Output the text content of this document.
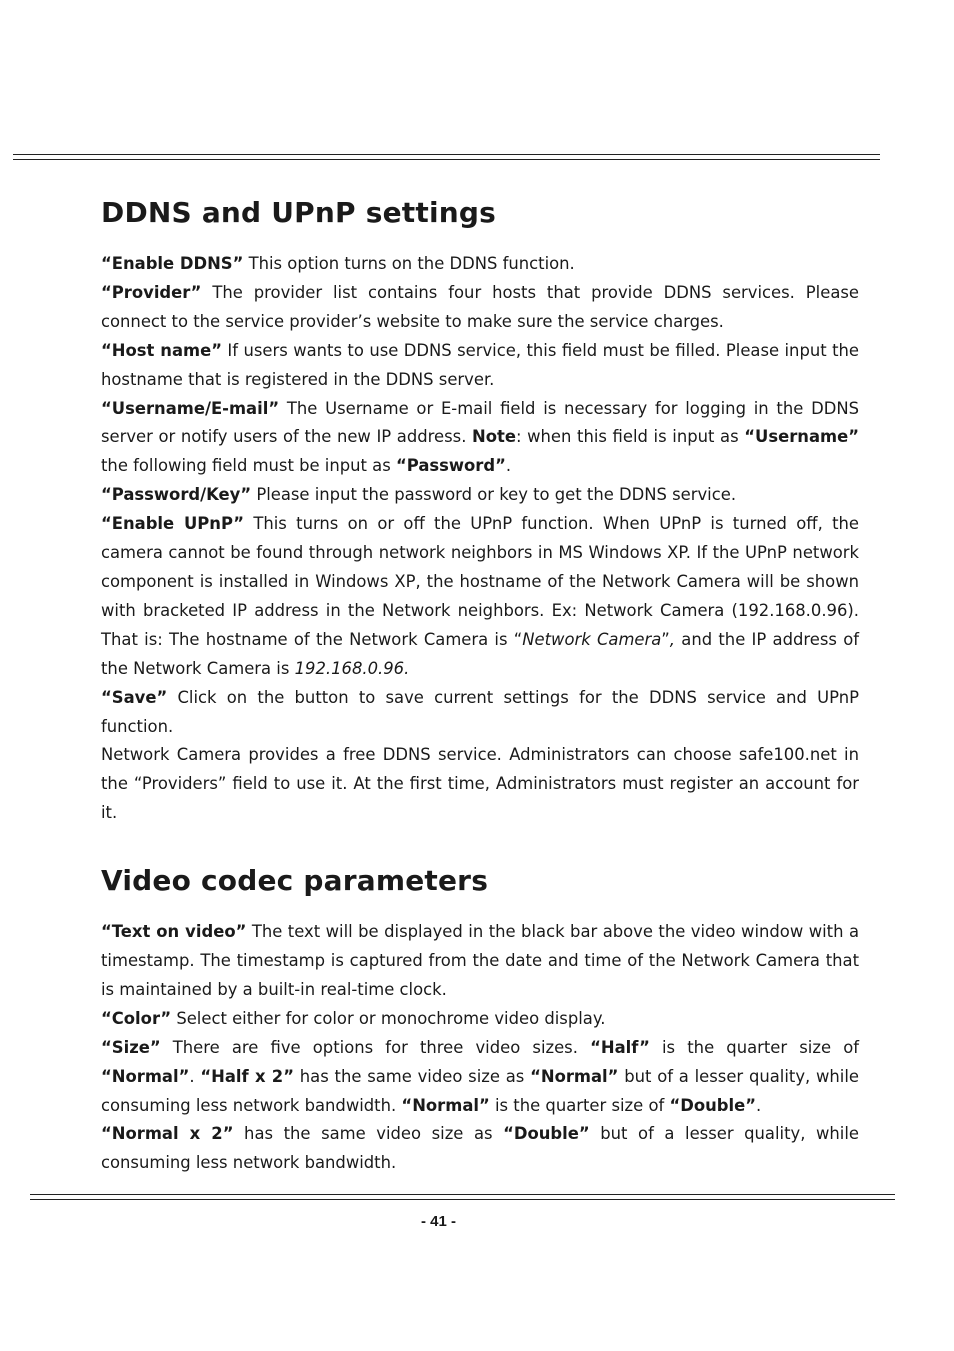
DDNS and UPnP settings

“Enable DDNS” This option turns on the DDNS function.

“Provider” The provider list contains four hosts that provide DDNS services. Please connect to the service provider’s website to make sure the service charges.

“Host name” If users wants to use DDNS service, this field must be filled. Please input the hostname that is registered in the DDNS server.

“Username/E-mail” The Username or E-mail field is necessary for logging in the DDNS server or notify users of the new IP address. Note: when this field is input as “Username” the following field must be input as “Password”.

“Password/Key” Please input the password or key to get the DDNS service.

“Enable UPnP” This turns on or off the UPnP function. When UPnP is turned off, the camera cannot be found through network neighbors in MS Windows XP. If the UPnP network component is installed in Windows XP, the hostname of the Network Camera will be shown with bracketed IP address in the Network neighbors. Ex: Network Camera (192.168.0.96). That is: The hostname of the Network Camera is “Network Camera”, and the IP address of the Network Camera is 192.168.0.96.

“Save” Click on the button to save current settings for the DDNS service and UPnP function.

Network Camera provides a free DDNS service. Administrators can choose safe100.net in the “Providers” field to use it. At the first time, Administrators must register an account for it.

Video codec parameters

“Text on video” The text will be displayed in the black bar above the video window with a timestamp. The timestamp is captured from the date and time of the Network Camera that is maintained by a built-in real-time clock.

“Color” Select either for color or monochrome video display.

“Size” There are five options for three video sizes. “Half” is the quarter size of “Normal”. “Half x 2” has the same video size as “Normal” but of a lesser quality, while consuming less network bandwidth. “Normal” is the quarter size of “Double”.

“Normal x 2” has the same video size as “Double” but of a lesser quality, while consuming less network bandwidth.

- 41 -
